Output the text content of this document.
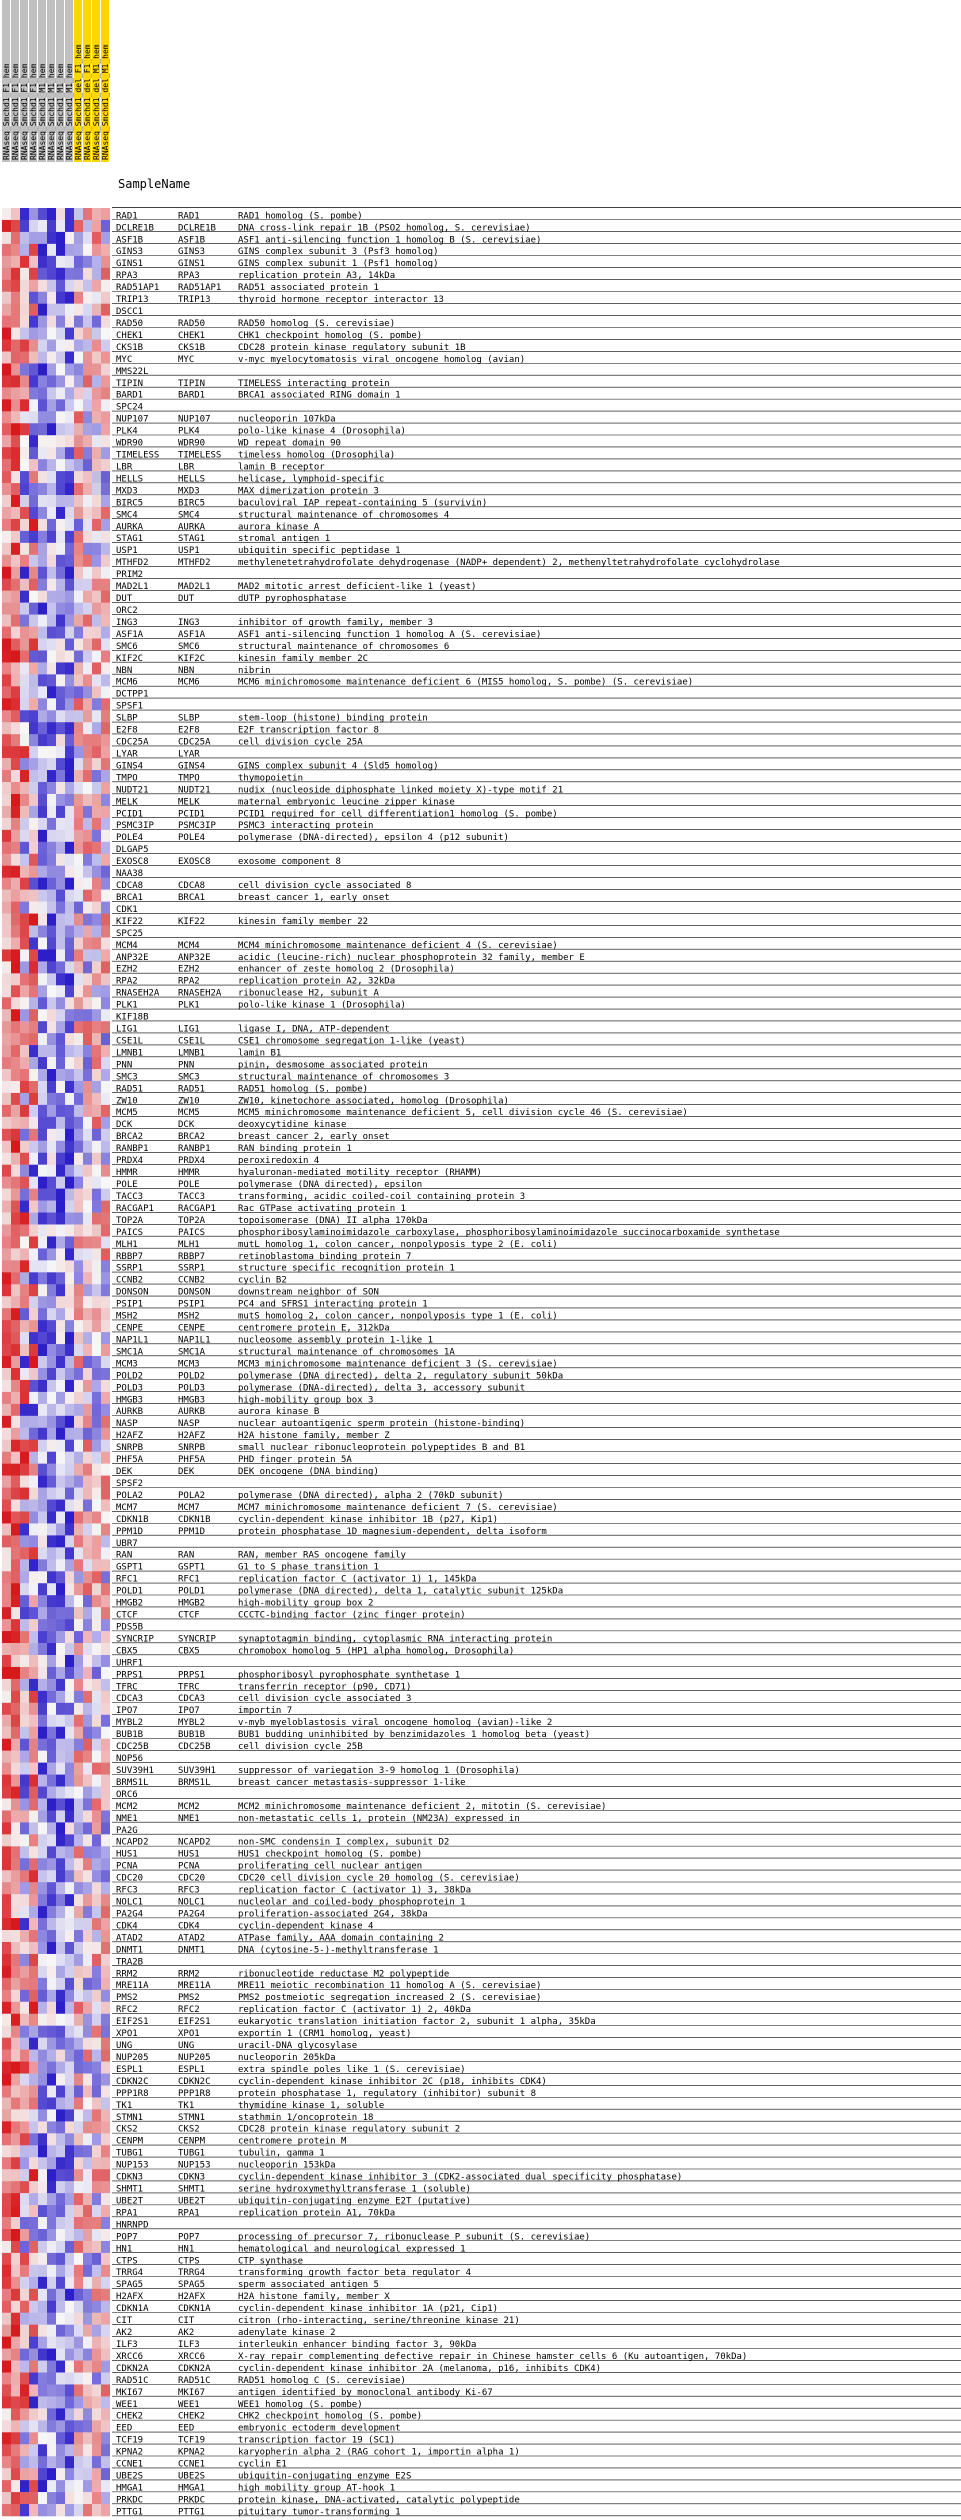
RNAseq_Smchd1_F1_hem RNAseq_Smchd1_F1_hem RNAseq_Smchd1_F1_hem RNAseq_Smchd1_F1_hem RNAseq_Smchd1_M1_hem RNAseq_Smchd1_M1_hem RNAseq_Smchd1_M1_hem RNAseq_Smchd1_M1_hem RNAseq_Smchd1_del_F1_hem RNAseq_Smchd1_del_F1_hem RNAseq_Smchd1_del_M1_hem RNAseq_Smchd1_del_M1_hem
SampleName
RAD1	RAD1	RAD1 homolog (S. pombe)
DCLRE1B	DCLRE1B DNA cross-link repair 1B (PSO2 homolog, S. cerevisiae)
ASF1B	ASF1B	ASF1 anti-silencing function 1 homolog B (S. cerevisiae)
GINS3	GINS3	GINS complex subunit 3 (Psf3 homolog)
GINS1	GINS1	GINS complex subunit 1 (Psf1 homolog)
RPA3	RPA3	replication protein A3, 14kDa
RAD51AP1 RAD51AP1 RAD51 associated protein 1
TRIP13	TRIP13	thyroid hormone receptor interactor 13
DSCC1
RAD50	RAD50	RAD50 homolog (S. cerevisiae)
CHEK1	CHEK1	CHK1 checkpoint homolog (S. pombe)
CKS1B	CKS1B	CDC28 protein kinase regulatory subunit 1B
MYC	MYC	v-myc myelocytomatosis viral oncogene homolog (avian)
MMS22L
TIPIN	TIPIN	TIMELESS interacting protein
BARD1	BARD1	BRCA1 associated RING domain 1
SPC24
NUP107	NUP107	nucleoporin 107kDa
PLK4	PLK4	polo-like kinase 4 (Drosophila)
WDR90	WDR90	WD repeat domain 90
TIMELESS TIMELESS timeless homolog (Drosophila)
LBR	LBR	lamin B receptor
HELLS	HELLS	helicase, lymphoid-specific
MXD3	MXD3	MAX dimerization protein 3
BIRC5	BIRC5	baculoviral IAP repeat-containing 5 (survivin)
SMC4	SMC4	structural maintenance of chromosomes 4
AURKA	AURKA	aurora kinase A
STAG1	STAG1	stromal antigen 1
USP1	USP1	ubiquitin specific peptidase 1
MTHFD2	MTHFD2	methylenetetrahydrofolate dehydrogenase (NADP+ dependent) 2, methenyltetrahydrofolate cyclohydrolase
PRIM2
MAD2L1	MAD2L1	MAD2 mitotic arrest deficient-like 1 (yeast)
DUT	DUT	dUTP pyrophosphatase
ORC2
ING3	ING3	inhibitor of growth family, member 3
ASF1A	ASF1A	ASF1 anti-silencing function 1 homolog A (S. cerevisiae)
SMC6	SMC6	structural maintenance of chromosomes 6
KIF2C	KIF2C	kinesin family member 2C
NBN	NBN	nibrin
MCM6	MCM6	MCM6 minichromosome maintenance deficient 6 (MIS5 homolog, S. pombe) (S. cerevisiae)
DCTPP1
SPSF1
SLBP	SLBP	stem-loop (histone) binding protein
E2F8	E2F8	E2F transcription factor 8
CDC25A	CDC25A	cell division cycle 25A
LYAR	LYAR
GINS4	GINS4	GINS complex subunit 4 (Sld5 homolog)
TMPO	TMPO	thymopoietin
NUDT21	NUDT21	nudix (nucleoside diphosphate linked moiety X)-type motif 21
MELK	MELK	maternal embryonic leucine zipper kinase
PCID1	PCID1	PCID1 required for cell differentiation1 homolog (S. pombe)
PSMC3IP	PSMC3IP PSMC3 interacting protein
POLE4	POLE4	polymerase (DNA-directed), epsilon 4 (p12 subunit)
DLGAP5
EXOSC8	EXOSC8	exosome component 8
NAA38
CDCA8	CDCA8	cell division cycle associated 8
BRCA1	BRCA1	breast cancer 1, early onset
CDK1
KIF22	KIF22	kinesin family member 22
SPC25
MCM4	MCM4	MCM4 minichromosome maintenance deficient 4 (S. cerevisiae)
ANP32E	ANP32E	acidic (leucine-rich) nuclear phosphoprotein 32 family, member E
EZH2	EZH2	enhancer of zeste homolog 2 (Drosophila)
RPA2	RPA2	replication protein A2, 32kDa
RNASEH2A RNASEH2A ribonuclease H2, subunit A
PLK1	PLK1	polo-like kinase 1 (Drosophila)
KIF18B
LIG1	LIG1	ligase I, DNA, ATP-dependent
CSE1L	CSE1L	CSE1 chromosome segregation 1-like (yeast)
LMNB1	LMNB1	lamin B1
PNN	PNN	pinin, desmosome associated protein
SMC3	SMC3	structural maintenance of chromosomes 3
RAD51	RAD51	RAD51 homolog (S. pombe)
ZW10	ZW10	ZW10, kinetochore associated, homolog (Drosophila)
MCM5	MCM5	MCM5 minichromosome maintenance deficient 5, cell division cycle 46 (S. cerevisiae)
DCK	DCK	deoxycytidine kinase
BRCA2	BRCA2	breast cancer 2, early onset
RANBP1	RANBP1	RAN binding protein 1
PRDX4	PRDX4	peroxiredoxin 4
HMMR	HMMR	hyaluronan-mediated motility receptor (RHAMM)
POLE	POLE	polymerase (DNA directed), epsilon
TACC3	TACC3	transforming, acidic coiled-coil containing protein 3
RACGAP1	RACGAP1 Rac GTPase activating protein 1
TOP2A	TOP2A	topoisomerase (DNA) II alpha 170kDa
PAICS	PAICS	phosphoribosylaminoimidazole carboxylase, phosphoribosylaminoimidazole succinocarboxamide synthetase
MLH1	MLH1	mutL homolog 1, colon cancer, nonpolyposis type 2 (E. coli)
RBBP7	RBBP7	retinoblastoma binding protein 7
SSRP1	SSRP1	structure specific recognition protein 1
CCNB2	CCNB2	cyclin B2
DONSON	DONSON	downstream neighbor of SON
PSIP1	PSIP1	PC4 and SFRS1 interacting protein 1
MSH2	MSH2	mutS homolog 2, colon cancer, nonpolyposis type 1 (E. coli)
CENPE	CENPE	centromere protein E, 312kDa
NAP1L1	NAP1L1	nucleosome assembly protein 1-like 1
SMC1A	SMC1A	structural maintenance of chromosomes 1A
MCM3	MCM3	MCM3 minichromosome maintenance deficient 3 (S. cerevisiae)
POLD2	POLD2	polymerase (DNA directed), delta 2, regulatory subunit 50kDa
POLD3	POLD3	polymerase (DNA-directed), delta 3, accessory subunit
HMGB3	HMGB3	high-mobility group box 3
AURKB	AURKB	aurora kinase B
NASP	NASP	nuclear autoantigenic sperm protein (histone-binding)
H2AFZ	H2AFZ	H2A histone family, member Z
SNRPB	SNRPB	small nuclear ribonucleoprotein polypeptides B and B1
PHF5A	PHF5A	PHD finger protein 5A
DEK	DEK	DEK oncogene (DNA binding)
SPSF2
POLA2	POLA2	polymerase (DNA directed), alpha 2 (70kD subunit)
MCM7	MCM7	MCM7 minichromosome maintenance deficient 7 (S. cerevisiae)
CDKN1B	CDKN1B	cyclin-dependent kinase inhibitor 1B (p27, Kip1)
PPM1D	PPM1D	protein phosphatase 1D magnesium-dependent, delta isoform
UBR7
RAN	RAN	RAN, member RAS oncogene family
GSPT1	GSPT1	G1 to S phase transition 1
RFC1	RFC1	replication factor C (activator 1) 1, 145kDa
POLD1	POLD1	polymerase (DNA directed), delta 1, catalytic subunit 125kDa
HMGB2	HMGB2	high-mobility group box 2
CTCF	CTCF	CCCTC-binding factor (zinc finger protein)
PDS5B
SYNCRIP	SYNCRIP synaptotagmin binding, cytoplasmic RNA interacting protein
CBX5	CBX5	chromobox homolog 5 (HP1 alpha homolog, Drosophila)
UHRF1
PRPS1	PRPS1	phosphoribosyl pyrophosphate synthetase 1
TFRC	TFRC	transferrin receptor (p90, CD71)
CDCA3	CDCA3	cell division cycle associated 3
IPO7	IPO7	importin 7
MYBL2	MYBL2	v-myb myeloblastosis viral oncogene homolog (avian)-like 2
BUB1B	BUB1B	BUB1 budding uninhibited by benzimidazoles 1 homolog beta (yeast)
CDC25B	CDC25B	cell division cycle 25B
NOP56
SUV39H1	SUV39H1 suppressor of variegation 3-9 homolog 1 (Drosophila)
BRMS1L	BRMS1L	breast cancer metastasis-suppressor 1-like
ORC6
MCM2	MCM2	MCM2 minichromosome maintenance deficient 2, mitotin (S. cerevisiae)
NME1	NME1	non-metastatic cells 1, protein (NM23A) expressed in
PA2G
NCAPD2	NCAPD2	non-SMC condensin I complex, subunit D2
HUS1	HUS1	HUS1 checkpoint homolog (S. pombe)
PCNA	PCNA	proliferating cell nuclear antigen
CDC20	CDC20	CDC20 cell division cycle 20 homolog (S. cerevisiae)
RFC3	RFC3	replication factor C (activator 1) 3, 38kDa
NOLC1	NOLC1	nucleolar and coiled-body phosphoprotein 1
PA2G4	PA2G4	proliferation-associated 2G4, 38kDa
CDK4	CDK4	cyclin-dependent kinase 4
ATAD2	ATAD2	ATPase family, AAA domain containing 2
DNMT1	DNMT1	DNA (cytosine-5-)-methyltransferase 1
TRA2B
RRM2	RRM2	ribonucleotide reductase M2 polypeptide
MRE11A	MRE11A	MRE11 meiotic recombination 11 homolog A (S. cerevisiae)
PMS2	PMS2	PMS2 postmeiotic segregation increased 2 (S. cerevisiae)
RFC2	RFC2	replication factor C (activator 1) 2, 40kDa
EIF2S1	EIF2S1	eukaryotic translation initiation factor 2, subunit 1 alpha, 35kDa
XPO1	XPO1	exportin 1 (CRM1 homolog, yeast)
UNG	UNG	uracil-DNA glycosylase
NUP205	NUP205	nucleoporin 205kDa
ESPL1	ESPL1	extra spindle poles like 1 (S. cerevisiae)
CDKN2C	CDKN2C	cyclin-dependent kinase inhibitor 2C (p18, inhibits CDK4)
PPP1R8	PPP1R8	protein phosphatase 1, regulatory (inhibitor) subunit 8
TK1	TK1	thymidine kinase 1, soluble
STMN1	STMN1	stathmin 1/oncoprotein 18
CKS2	CKS2	CDC28 protein kinase regulatory subunit 2
CENPM	CENPM	centromere protein M
TUBG1	TUBG1	tubulin, gamma 1
NUP153	NUP153	nucleoporin 153kDa
CDKN3	CDKN3	cyclin-dependent kinase inhibitor 3 (CDK2-associated dual specificity phosphatase)
SHMT1	SHMT1	serine hydroxymethyltransferase 1 (soluble)
UBE2T	UBE2T	ubiquitin-conjugating enzyme E2T (putative)
RPA1	RPA1	replication protein A1, 70kDa
HNRNPD
POP7	POP7	processing of precursor 7, ribonuclease P subunit (S. cerevisiae)
HN1	HN1	hematological and neurological expressed 1
CTPS	CTPS	CTP synthase
TRRG4	TRRG4	transforming growth factor beta regulator 4
SPAG5	SPAG5	sperm associated antigen 5
H2AFX	H2AFX	H2A histone family, member X
CDKN1A	CDKN1A	cyclin-dependent kinase inhibitor 1A (p21, Cip1)
CIT	CIT	citron (rho-interacting, serine/threonine kinase 21)
AK2	AK2	adenylate kinase 2
ILF3	ILF3	interleukin enhancer binding factor 3, 90kDa
XRCC6	XRCC6	X-ray repair complementing defective repair in Chinese hamster cells 6 (Ku autoantigen, 70kDa)
CDKN2A	CDKN2A	cyclin-dependent kinase inhibitor 2A (melanoma, p16, inhibits CDK4)
RAD51C	RAD51C	RAD51 homolog C (S. cerevisiae)
MKI67	MKI67	antigen identified by monoclonal antibody Ki-67
WEE1	WEE1	WEE1 homolog (S. pombe)
CHEK2	CHEK2	CHK2 checkpoint homolog (S. pombe)
EED	EED	embryonic ectoderm development
TCF19	TCF19	transcription factor 19 (SC1)
KPNA2	KPNA2	karyopherin alpha 2 (RAG cohort 1, importin alpha 1)
CCNE1	CCNE1	cyclin E1
UBE2S	UBE2S	ubiquitin-conjugating enzyme E2S
HMGA1	HMGA1	high mobility group AT-hook 1
PRKDC	PRKDC	protein kinase, DNA-activated, catalytic polypeptide
PTTG1	PTTG1	pituitary tumor-transforming 1
